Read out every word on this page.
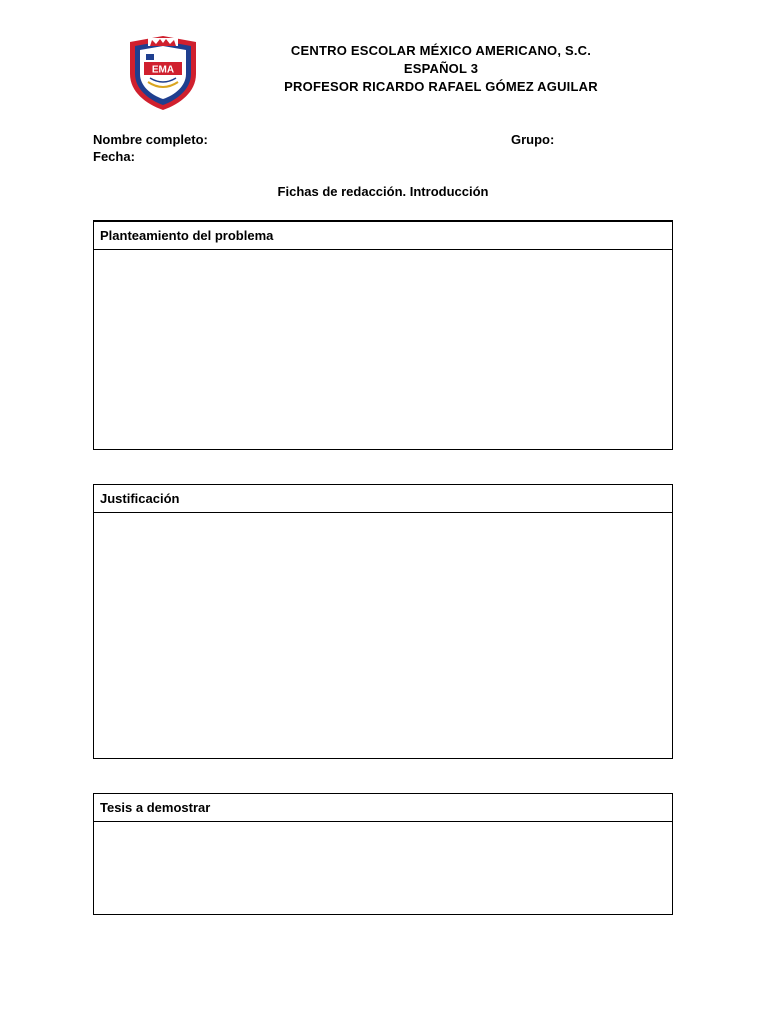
EMA
CENTRO ESCOLAR MÉXICO AMERICANO, S.C.
ESPAÑOL 3
PROFESOR RICARDO RAFAEL GÓMEZ AGUILAR
Nombre completo:	Grupo:
Fecha:
Fichas de redacción. Introducción
Planteamiento del problema
Justificación
Tesis a demostrar
